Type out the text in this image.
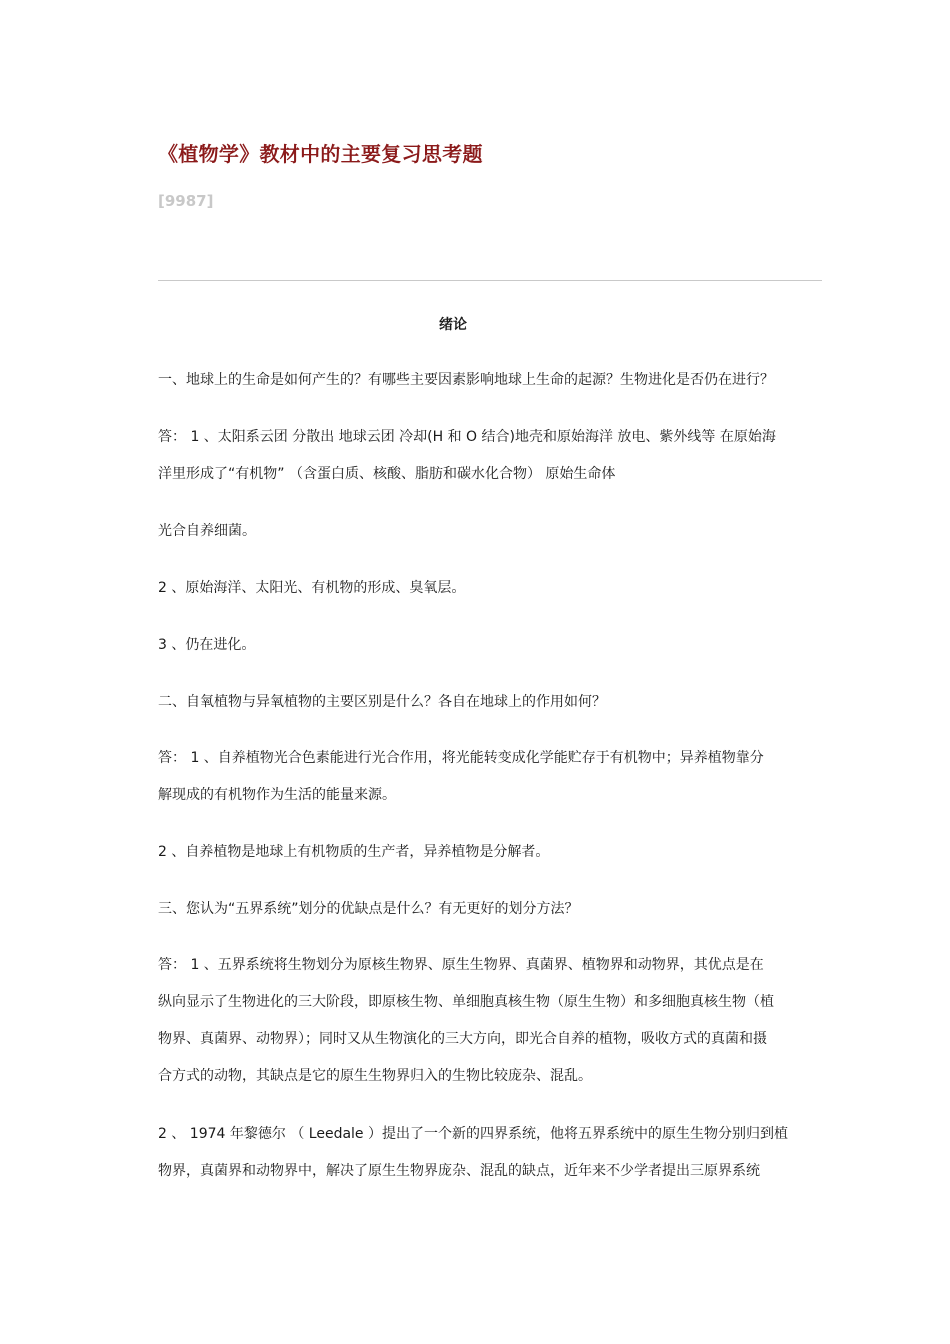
《植物学》教材中的主要复习思考题
[9987]
绪论
一、地球上的生命是如何产生的？有哪些主要因素影响地球上生命的起源？生物进化是否仍在进行？
答： 1 、太阳系云团 分散出 地球云团 冷却(H 和 O 结合)地壳和原始海洋 放电、紫外线等 在原始海
洋里形成了“有机物” （含蛋白质、核酸、脂肪和碳水化合物） 原始生命体
光合自养细菌。
2 、原始海洋、太阳光、有机物的形成、臭氧层。
3 、仍在进化。
二、自氧植物与异氧植物的主要区别是什么？各自在地球上的作用如何？
答： 1 、自养植物光合色素能进行光合作用，将光能转变成化学能贮存于有机物中；异养植物靠分
解现成的有机物作为生活的能量来源。
2 、自养植物是地球上有机物质的生产者，异养植物是分解者。
三、您认为“五界系统”划分的优缺点是什么？有无更好的划分方法？
答： 1 、五界系统将生物划分为原核生物界、原生生物界、真菌界、植物界和动物界，其优点是在
纵向显示了生物进化的三大阶段，即原核生物、单细胞真核生物（原生生物）和多细胞真核生物（植
物界、真菌界、动物界）；同时又从生物演化的三大方向，即光合自养的植物，吸收方式的真菌和摄
合方式的动物，其缺点是它的原生生物界归入的生物比较庞杂、混乱。
2 、 1974 年黎德尔 （ Leedale ）提出了一个新的四界系统，他将五界系统中的原生生物分别归到植
物界，真菌界和动物界中，解决了原生生物界庞杂、混乱的缺点，近年来不少学者提出三原界系统
